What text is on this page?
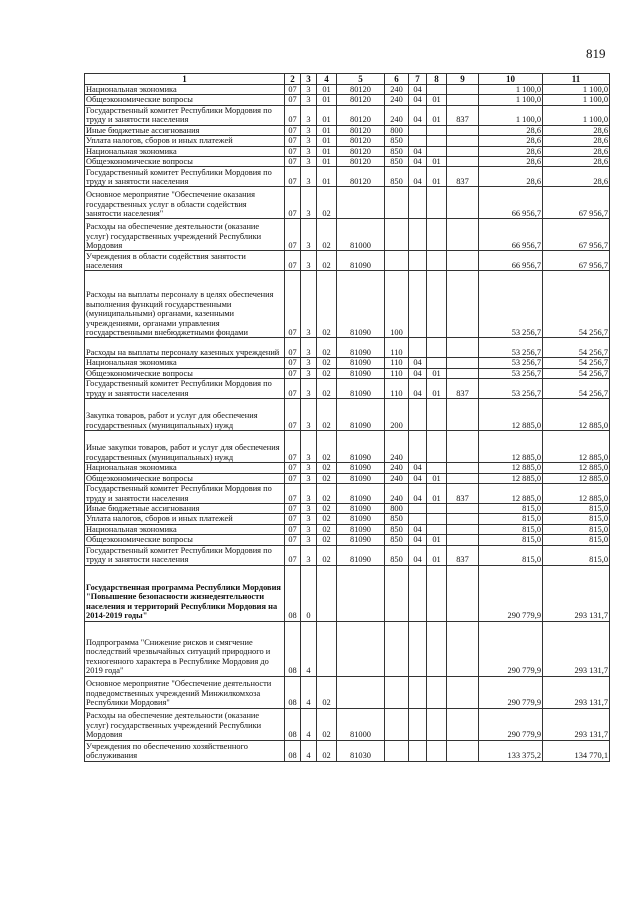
819
1	2	3	4	5	6	7	8	9	10	11
Национальная экономика	07	3	01	80120	240	04			1 100,0	1 100,0
Общеэкономические вопросы	07	3	01	80120	240	04	01		1 100,0	1 100,0
Государственный комитет Республики Мордовия по труду и занятости населения	07	3	01	80120	240	04	01	837	1 100,0	1 100,0
Иные бюджетные ассигнования	07	3	01	80120	800				28,6	28,6
Уплата налогов, сборов и иных платежей	07	3	01	80120	850				28,6	28,6
Национальная экономика	07	3	01	80120	850	04			28,6	28,6
Общеэкономические вопросы	07	3	01	80120	850	04	01		28,6	28,6
Государственный комитет Республики Мордовия по труду и занятости населения	07	3	01	80120	850	04	01	837	28,6	28,6
Основное мероприятие "Обеспечение оказания государственных услуг в области содействия занятости населения"	07	3	02						66 956,7	67 956,7
Расходы на обеспечение деятельности (оказание услуг) государственных учреждений Республики Мордовия	07	3	02	81000					66 956,7	67 956,7
Учреждения в области содействия занятости населения	07	3	02	81090					66 956,7	67 956,7
Расходы на выплаты персоналу в целях обеспечения выполнения функций государственными (муниципальными) органами, казенными учреждениями, органами управления государственными внебюджетными фондами	07	3	02	81090	100				53 256,7	54 256,7
Расходы на выплаты персоналу казенных учреждений	07	3	02	81090	110				53 256,7	54 256,7
Национальная экономика	07	3	02	81090	110	04			53 256,7	54 256,7
Общеэкономические вопросы	07	3	02	81090	110	04	01		53 256,7	54 256,7
Государственный комитет Республики Мордовия по труду и занятости населения	07	3	02	81090	110	04	01	837	53 256,7	54 256,7
Закупка товаров, работ и услуг для обеспечения государственных (муниципальных) нужд	07	3	02	81090	200				12 885,0	12 885,0
Иные закупки товаров, работ и услуг для обеспечения государственных (муниципальных) нужд	07	3	02	81090	240				12 885,0	12 885,0
Национальная экономика	07	3	02	81090	240	04			12 885,0	12 885,0
Общеэкономические вопросы	07	3	02	81090	240	04	01		12 885,0	12 885,0
Государственный комитет Республики Мордовия по труду и занятости населения	07	3	02	81090	240	04	01	837	12 885,0	12 885,0
Иные бюджетные ассигнования	07	3	02	81090	800				815,0	815,0
Уплата налогов, сборов и иных платежей	07	3	02	81090	850				815,0	815,0
Национальная экономика	07	3	02	81090	850	04			815,0	815,0
Общеэкономические вопросы	07	3	02	81090	850	04	01		815,0	815,0
Государственный комитет Республики Мордовия по труду и занятости населения	07	3	02	81090	850	04	01	837	815,0	815,0
Государственная программа Республики Мордовия "Повышение безопасности жизнедеятельности населения и территорий Республики Мордовия на 2014-2019 годы"	08	0							290 779,9	293 131,7
Подпрограмма "Снижение рисков и смягчение последствий чрезвычайных ситуаций природного и техногенного характера в Республике Мордовия до 2019 года"	08	4							290 779,9	293 131,7
Основное мероприятие "Обеспечение деятельности подведомственных учреждений Минжилкомхоза Республики Мордовия"	08	4	02						290 779,9	293 131,7
Расходы на обеспечение деятельности (оказание услуг) государственных учреждений Республики Мордовия	08	4	02	81000					290 779,9	293 131,7
Учреждения по обеспечению хозяйственного обслуживания	08	4	02	81030					133 375,2	134 770,1
